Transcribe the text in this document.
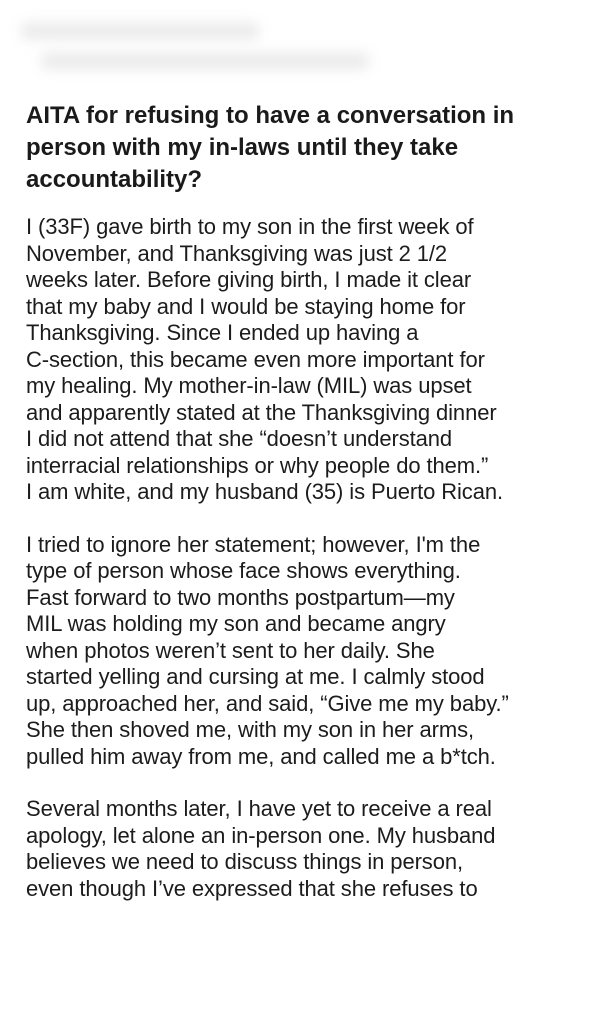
AITA for refusing to have a conversation in
person with my in-laws until they take
accountability?

I (33F) gave birth to my son in the first week of
November, and Thanksgiving was just 2 1/2
weeks later. Before giving birth, I made it clear
that my baby and I would be staying home for
Thanksgiving. Since I ended up having a
C-section, this became even more important for
my healing. My mother-in-law (MIL) was upset
and apparently stated at the Thanksgiving dinner
I did not attend that she “doesn’t understand
interracial relationships or why people do them.”
I am white, and my husband (35) is Puerto Rican.

I tried to ignore her statement; however, I'm the
type of person whose face shows everything.
Fast forward to two months postpartum—my
MIL was holding my son and became angry
when photos weren’t sent to her daily. She
started yelling and cursing at me. I calmly stood
up, approached her, and said, “Give me my baby.”
She then shoved me, with my son in her arms,
pulled him away from me, and called me a b*tch.

Several months later, I have yet to receive a real
apology, let alone an in-person one. My husband
believes we need to discuss things in person,
even though I’ve expressed that she refuses to
